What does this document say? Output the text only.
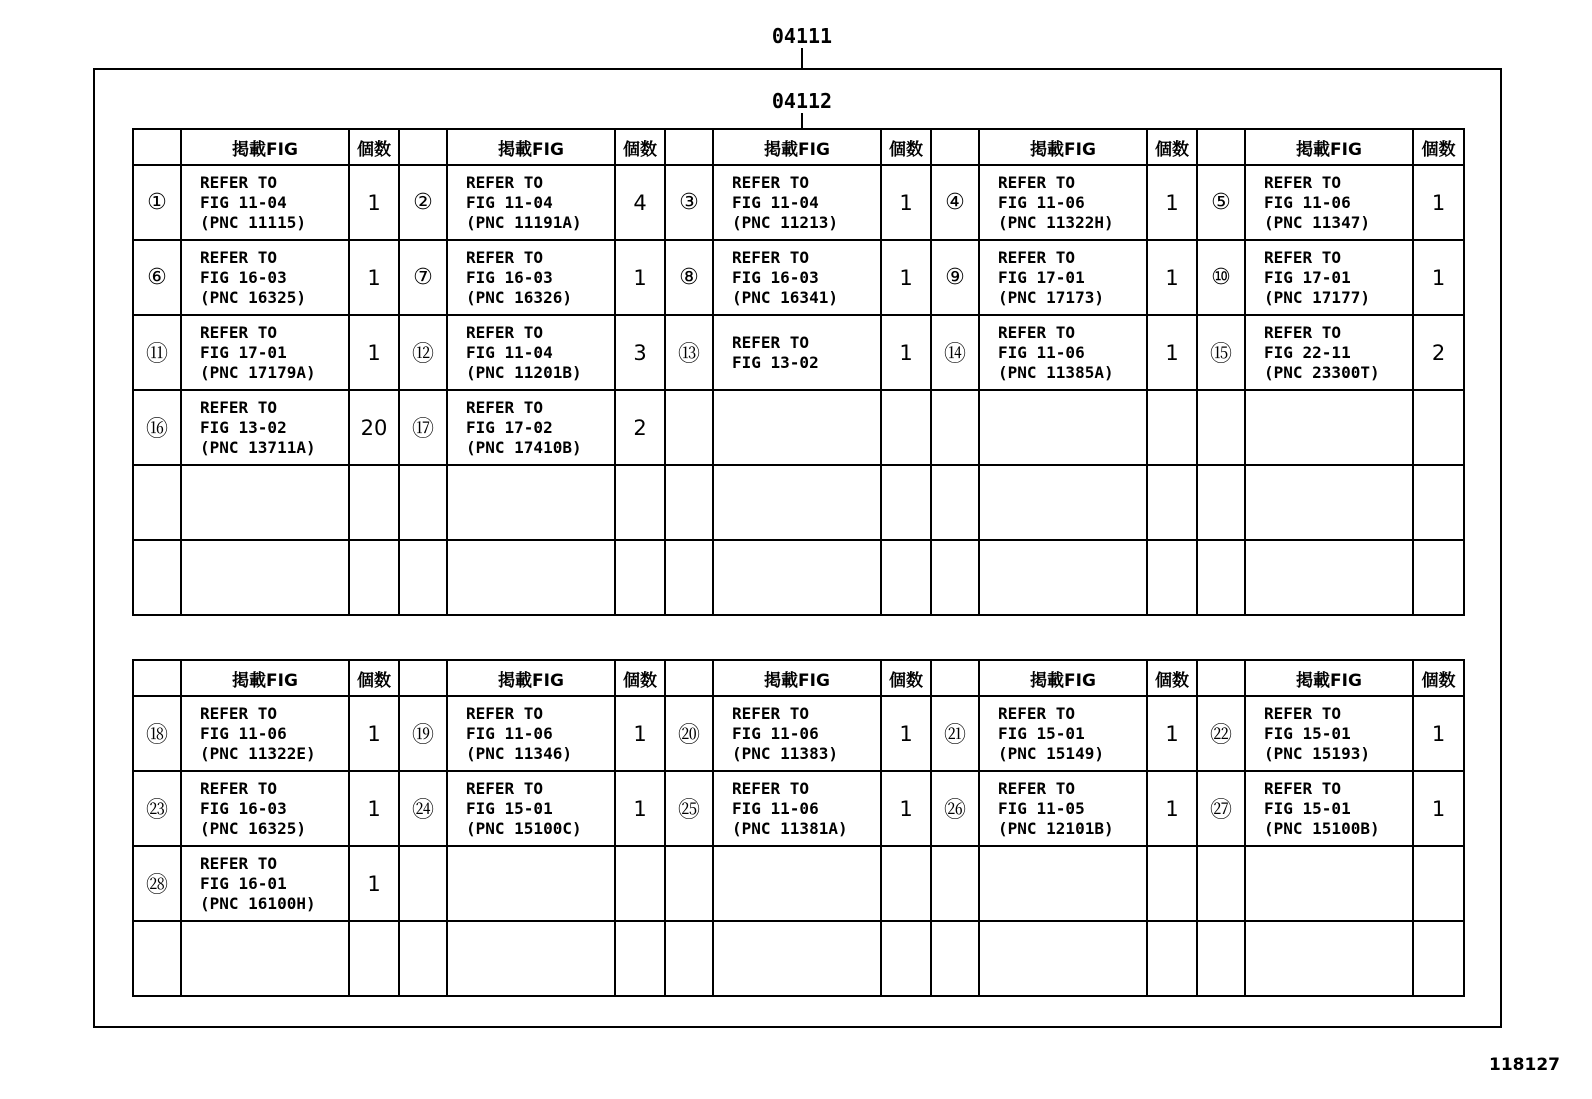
04111
04112
	掲載FIG	個数		掲載FIG	個数		掲載FIG	個数		掲載FIG	個数		掲載FIG	個数
①	REFER TO
FIG 11-04
(PNC 11115)	1	②	REFER TO
FIG 11-04
(PNC 11191A)	4	③	REFER TO
FIG 11-04
(PNC 11213)	1	④	REFER TO
FIG 11-06
(PNC 11322H)	1	⑤	REFER TO
FIG 11-06
(PNC 11347)	1
⑥	REFER TO
FIG 16-03
(PNC 16325)	1	⑦	REFER TO
FIG 16-03
(PNC 16326)	1	⑧	REFER TO
FIG 16-03
(PNC 16341)	1	⑨	REFER TO
FIG 17-01
(PNC 17173)	1	⑩	REFER TO
FIG 17-01
(PNC 17177)	1
⑪	REFER TO
FIG 17-01
(PNC 17179A)	1	⑫	REFER TO
FIG 11-04
(PNC 11201B)	3	⑬	REFER TO
FIG 13-02	1	⑭	REFER TO
FIG 11-06
(PNC 11385A)	1	⑮	REFER TO
FIG 22-11
(PNC 23300T)	2
⑯	REFER TO
FIG 13-02
(PNC 13711A)	20	⑰	REFER TO
FIG 17-02
(PNC 17410B)	2									

	掲載FIG	個数		掲載FIG	個数		掲載FIG	個数		掲載FIG	個数		掲載FIG	個数
⑱	REFER TO
FIG 11-06
(PNC 11322E)	1	⑲	REFER TO
FIG 11-06
(PNC 11346)	1	⑳	REFER TO
FIG 11-06
(PNC 11383)	1	㉑	REFER TO
FIG 15-01
(PNC 15149)	1	㉒	REFER TO
FIG 15-01
(PNC 15193)	1
㉓	REFER TO
FIG 16-03
(PNC 16325)	1	㉔	REFER TO
FIG 15-01
(PNC 15100C)	1	㉕	REFER TO
FIG 11-06
(PNC 11381A)	1	㉖	REFER TO
FIG 11-05
(PNC 12101B)	1	㉗	REFER TO
FIG 15-01
(PNC 15100B)	1
㉘	REFER TO
FIG 16-01
(PNC 16100H)	1												

118127
